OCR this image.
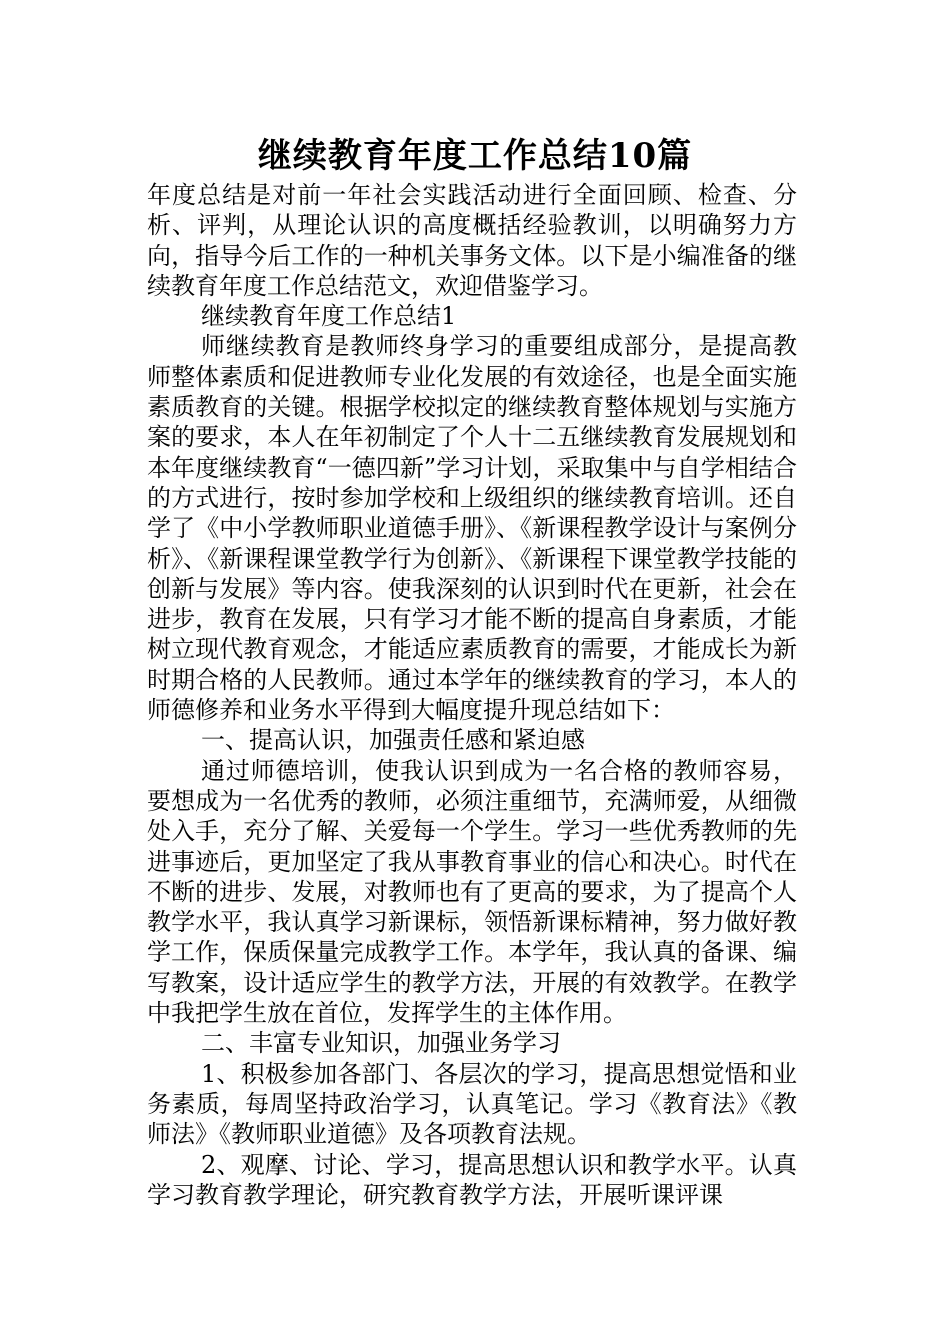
继续教育年度工作总结10篇

年度总结是对前一年社会实践活动进行全面回顾、检查、分析、评判，从理论认识的高度概括经验教训，以明确努力方向，指导今后工作的一种机关事务文体。以下是小编准备的继续教育年度工作总结范文，欢迎借鉴学习。

继续教育年度工作总结1

师继续教育是教师终身学习的重要组成部分，是提高教师整体素质和促进教师专业化发展的有效途径，也是全面实施素质教育的关键。根据学校拟定的继续教育整体规划与实施方案的要求，本人在年初制定了个人十二五继续教育发展规划和本年度继续教育“一德四新”学习计划，采取集中与自学相结合的方式进行，按时参加学校和上级组织的继续教育培训。还自学了《中小学教师职业道德手册》、《新课程教学设计与案例分析》、《新课程课堂教学行为创新》、《新课程下课堂教学技能的创新与发展》等内容。使我深刻的认识到时代在更新，社会在进步，教育在发展，只有学习才能不断的提高自身素质，才能树立现代教育观念，才能适应素质教育的需要，才能成长为新时期合格的人民教师。通过本学年的继续教育的学习，本人的师德修养和业务水平得到大幅度提升现总结如下：

一、提高认识，加强责任感和紧迫感

通过师德培训，使我认识到成为一名合格的教师容易，要想成为一名优秀的教师，必须注重细节，充满师爱，从细微处入手，充分了解、关爱每一个学生。学习一些优秀教师的先进事迹后，更加坚定了我从事教育事业的信心和决心。时代在不断的进步、发展，对教师也有了更高的要求，为了提高个人教学水平，我认真学习新课标，领悟新课标精神，努力做好教学工作，保质保量完成教学工作。本学年，我认真的备课、编写教案，设计适应学生的教学方法，开展的有效教学。在教学中我把学生放在首位，发挥学生的主体作用。

二、丰富专业知识，加强业务学习

1、积极参加各部门、各层次的学习，提高思想觉悟和业务素质，每周坚持政治学习，认真笔记。学习《教育法》《教师法》《教师职业道德》及各项教育法规。

2、观摩、讨论、学习，提高思想认识和教学水平。认真学习教育教学理论，研究教育教学方法，开展听课评课
